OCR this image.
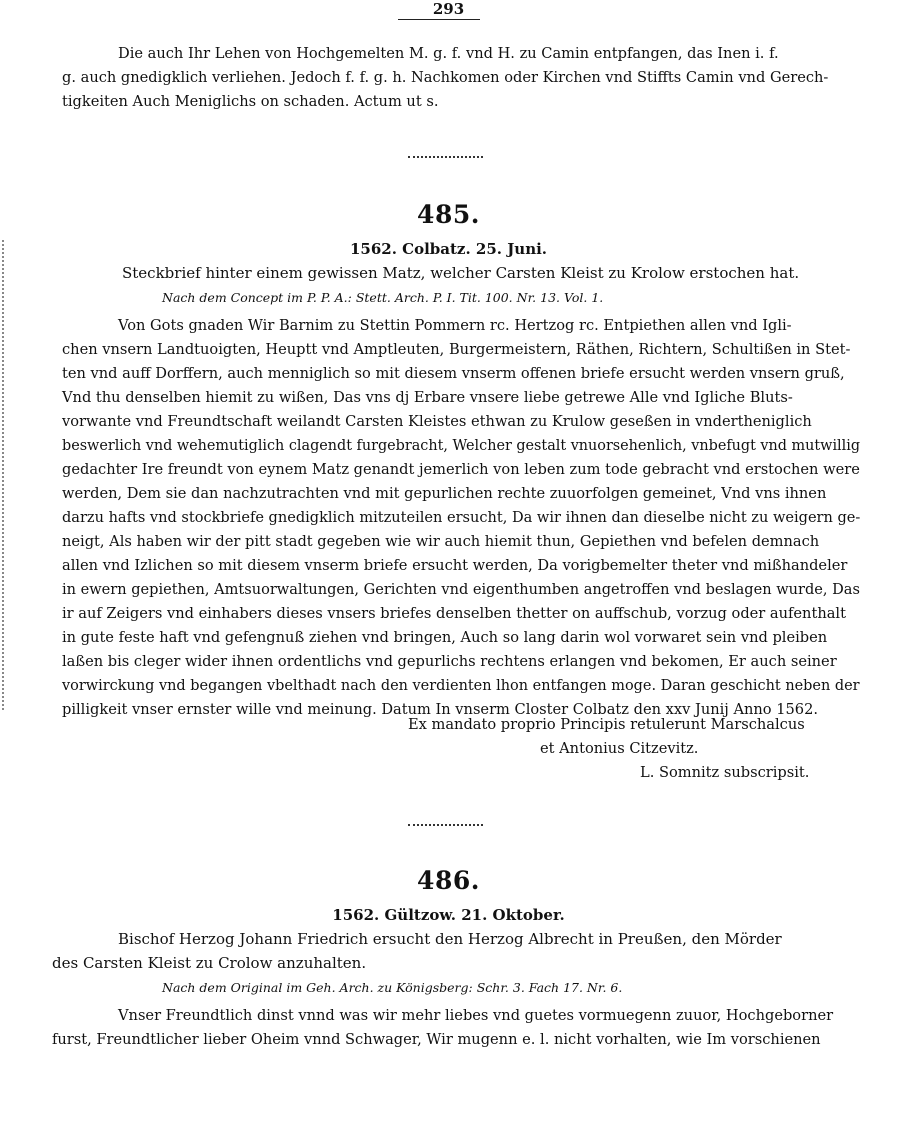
293
Die auch Ihr Lehen von Hochgemelten M. g. f. vnd H. zu Camin entpfangen, das Inen i. f.
g. auch gnedigklich verliehen. Jedoch f. f. g. h. Nachkomen oder Kirchen vnd Stiffts Camin vnd Gerech-
tigkeiten Auch Meniglichs on schaden. Actum ut s.
485.
1562. Colbatz. 25. Juni.
Steckbrief hinter einem gewissen Matz, welcher Carsten Kleist zu Krolow erstochen hat.
Nach dem Concept im P. P. A.: Stett. Arch. P. I. Tit. 100. Nr. 13. Vol. 1.
Von Gots gnaden Wir Barnim zu Stettin Pommern rc. Hertzog rc. Entpiethen allen vnd Igli-
chen vnsern Landtuoigten, Heuptt vnd Amptleuten, Burgermeistern, Räthen, Richtern, Schultißen in Stet-
ten vnd auff Dorffern, auch menniglich so mit diesem vnserm offenen briefe ersucht werden vnsern gruß,
Vnd thu denselben hiemit zu wißen, Das vns dj Erbare vnsere liebe getrewe Alle vnd Igliche Bluts-
vorwante vnd Freundtschaft weilandt Carsten Kleistes ethwan zu Krulow geseßen in vndertheniglich
beswerlich vnd wehemutiglich clagendt furgebracht, Welcher gestalt vnuorsehenlich, vnbefugt vnd mutwillig
gedachter Ire freundt von eynem Matz genandt jemerlich von leben zum tode gebracht vnd erstochen were
werden, Dem sie dan nachzutrachten vnd mit gepurlichen rechte zuuorfolgen gemeinet, Vnd vns ihnen
darzu hafts vnd stockbriefe gnedigklich mitzuteilen ersucht, Da wir ihnen dan dieselbe nicht zu weigern ge-
neigt, Als haben wir der pitt stadt gegeben wie wir auch hiemit thun, Gepiethen vnd befelen demnach
allen vnd Izlichen so mit diesem vnserm briefe ersucht werden, Da vorigbemelter theter vnd mißhandeler
in ewern gepiethen, Amtsuorwaltungen, Gerichten vnd eigenthumben angetroffen vnd beslagen wurde, Das
ir auf Zeigers vnd einhabers dieses vnsers briefes denselben thetter on auffschub, vorzug oder aufenthalt
in gute feste haft vnd gefengnuß ziehen vnd bringen, Auch so lang darin wol vorwaret sein vnd pleiben
laßen bis cleger wider ihnen ordentlichs vnd gepurlichs rechtens erlangen vnd bekomen, Er auch seiner
vorwirckung vnd begangen vbelthadt nach den verdienten lhon entfangen moge. Daran geschicht neben der
pilligkeit vnser ernster wille vnd meinung. Datum In vnserm Closter Colbatz den xxv Junij Anno 1562.
Ex mandato proprio Principis retulerunt Marschalcus
et Antonius Citzevitz.
L. Somnitz subscripsit.
486.
1562. Gültzow. 21. Oktober.
Bischof Herzog Johann Friedrich ersucht den Herzog Albrecht in Preußen, den Mörder
des Carsten Kleist zu Crolow anzuhalten.
Nach dem Original im Geh. Arch. zu Königsberg: Schr. 3. Fach 17. Nr. 6.
Vnser Freundtlich dinst vnnd was wir mehr liebes vnd guetes vormuegenn zuuor, Hochgeborner
furst, Freundtlicher lieber Oheim vnnd Schwager, Wir mugenn e. l. nicht vorhalten, wie Im vorschienen
